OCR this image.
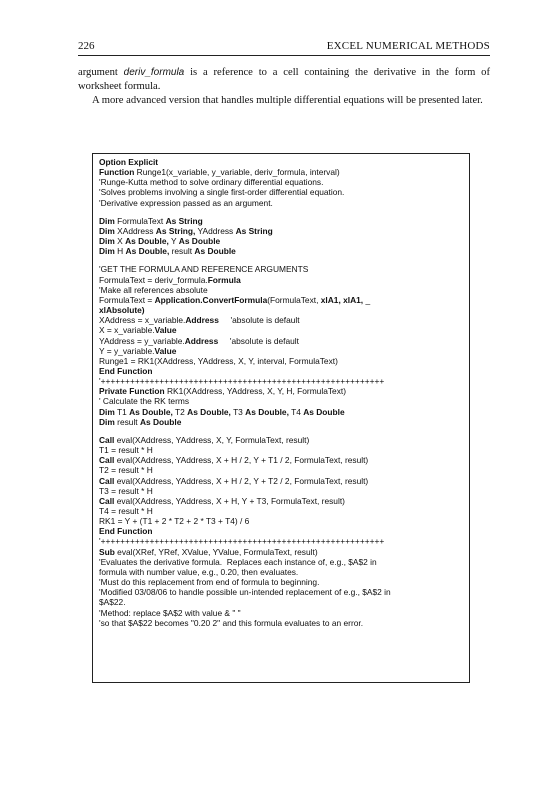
226	EXCEL NUMERICAL METHODS

argument deriv_formula is a reference to a cell containing the derivative in the form of worksheet formula.

A more advanced version that handles multiple differential equations will be presented later.

Option Explicit
Function Runge1(x_variable, y_variable, deriv_formula, interval)
'Runge-Kutta method to solve ordinary differential equations.
'Solves problems involving a single first-order differential equation.
'Derivative expression passed as an argument.
Dim FormulaText As String
Dim XAddress As String, YAddress As String
Dim X As Double, Y As Double
Dim H As Double, result As Double
'GET THE FORMULA AND REFERENCE ARGUMENTS
FormulaText = deriv_formula.Formula
'Make all references absolute
FormulaText = Application.ConvertFormula(FormulaText, xlA1, xlA1, _
xlAbsolute)
XAddress = x_variable.Address     'absolute is default
X = x_variable.Value
YAddress = y_variable.Address     'absolute is default
Y = y_variable.Value
Runge1 = RK1(XAddress, YAddress, X, Y, interval, FormulaText)
End Function
'++++++++++++++++++++++++++++++++++++++++++++++++++++++++++
Private Function RK1(XAddress, YAddress, X, Y, H, FormulaText)
' Calculate the RK terms
Dim T1 As Double, T2 As Double, T3 As Double, T4 As Double
Dim result As Double
Call eval(XAddress, YAddress, X, Y, FormulaText, result)
T1 = result * H
Call eval(XAddress, YAddress, X + H / 2, Y + T1 / 2, FormulaText, result)
T2 = result * H
Call eval(XAddress, YAddress, X + H / 2, Y + T2 / 2, FormulaText, result)
T3 = result * H
Call eval(XAddress, YAddress, X + H, Y + T3, FormulaText, result)
T4 = result * H
RK1 = Y + (T1 + 2 * T2 + 2 * T3 + T4) / 6
End Function
'++++++++++++++++++++++++++++++++++++++++++++++++++++++++++
Sub eval(XRef, YRef, XValue, YValue, FormulaText, result)
'Evaluates the derivative formula.  Replaces each instance of, e.g., $A$2 in
formula with number value, e.g., 0.20, then evaluates.
'Must do this replacement from end of formula to beginning.
'Modified 03/08/06 to handle possible un-intended replacement of e.g., $A$2 in
$A$22.
'Method: replace $A$2 with value & " "
'so that $A$22 becomes "0.20 2" and this formula evaluates to an error.
